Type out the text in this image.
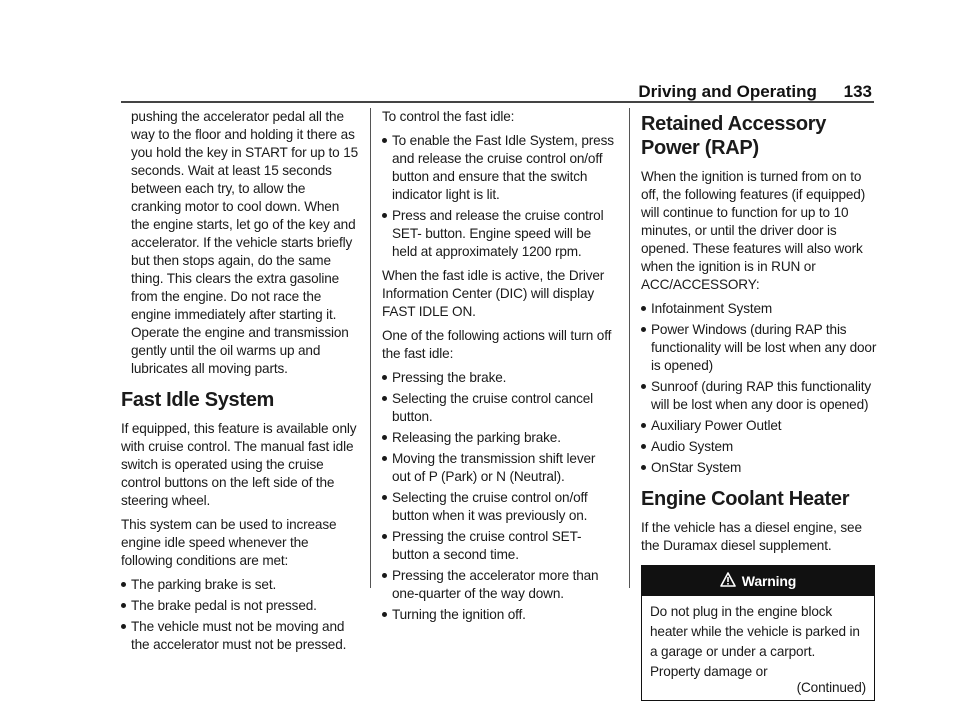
Driving and Operating 133

pushing the accelerator pedal all the way to the floor and holding it there as you hold the key in START for up to 15 seconds. Wait at least 15 seconds between each try, to allow the cranking motor to cool down. When the engine starts, let go of the key and accelerator. If the vehicle starts briefly but then stops again, do the same thing. This clears the extra gasoline from the engine. Do not race the engine immediately after starting it. Operate the engine and transmission gently until the oil warms up and lubricates all moving parts.

Fast Idle System

If equipped, this feature is available only with cruise control. The manual fast idle switch is operated using the cruise control buttons on the left side of the steering wheel.

This system can be used to increase engine idle speed whenever the following conditions are met:

The parking brake is set.
The brake pedal is not pressed.
The vehicle must not be moving and the accelerator must not be pressed.

To control the fast idle:

To enable the Fast Idle System, press and release the cruise control on/off button and ensure that the switch indicator light is lit.
Press and release the cruise control SET- button. Engine speed will be held at approximately 1200 rpm.

When the fast idle is active, the Driver Information Center (DIC) will display FAST IDLE ON.

One of the following actions will turn off the fast idle:

Pressing the brake.
Selecting the cruise control cancel button.
Releasing the parking brake.
Moving the transmission shift lever out of P (Park) or N (Neutral).
Selecting the cruise control on/off button when it was previously on.
Pressing the cruise control SET- button a second time.
Pressing the accelerator more than one-quarter of the way down.
Turning the ignition off.
Retained Accessory Power (RAP)

When the ignition is turned from on to off, the following features (if equipped) will continue to function for up to 10 minutes, or until the driver door is opened. These features will also work when the ignition is in RUN or ACC/ACCESSORY:

Infotainment System
Power Windows (during RAP this functionality will be lost when any door is opened)
Sunroof (during RAP this functionality will be lost when any door is opened)
Auxiliary Power Outlet
Audio System
OnStar System
Engine Coolant Heater

If the vehicle has a diesel engine, see the Duramax diesel supplement.

Warning
Do not plug in the engine block heater while the vehicle is parked in a garage or under a carport. Property damage or
(Continued)
